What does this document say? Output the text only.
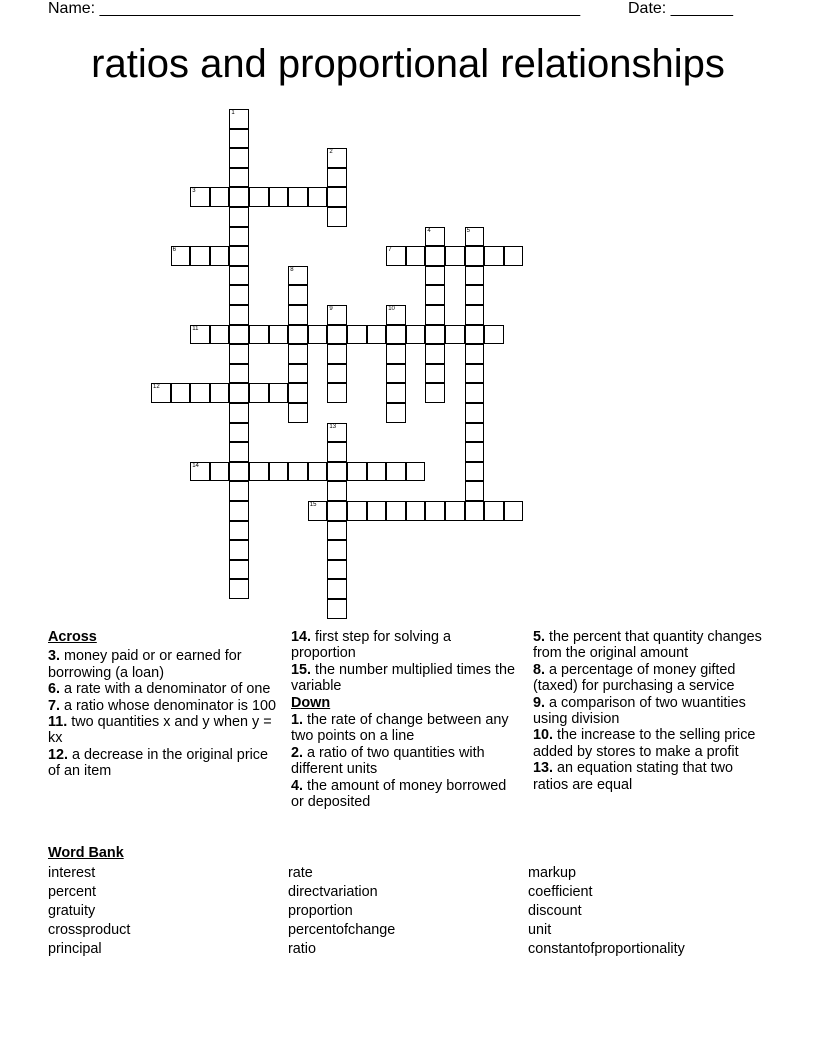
Name: ______________________________________________________	Date: _______
ratios and proportional relationships
1
2
3
4	5
6	7
8
9	10
11
12
13
14
15
Across
3. money paid or or earned for borrowing (a loan)
6. a rate with a denominator of one
7. a ratio whose denominator is 100
11. two quantities x and y when y = kx
12. a decrease in the original price of an item
14. first step for solving a proportion
15. the number multiplied times the variable
Down
1. the rate of change between any two points on a line
2. a ratio of two quantities with different units
4. the amount of money borrowed or deposited
5. the percent that quantity changes from the original amount
8. a percentage of money gifted (taxed) for purchasing a service
9. a comparison of two wuantities using division
10. the increase to the selling price added by stores to make a profit
13. an equation stating that two ratios are equal
Word Bank
interest
percent
gratuity
crossproduct
principal
rate
directvariation
proportion
percentofchange
ratio
markup
coefficient
discount
unit
constantofproportionality
